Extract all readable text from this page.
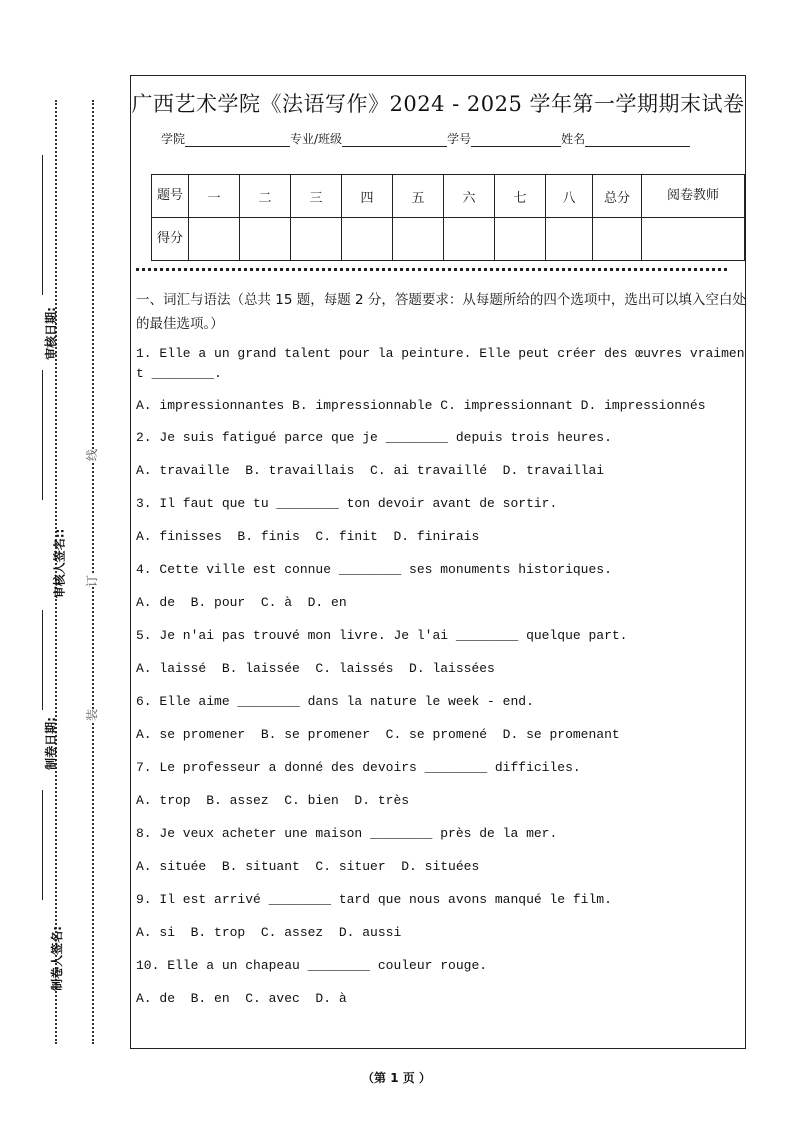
线
订
装
审核日期:
审核人签名::
制卷日期:
制卷人签名:
广西艺术学院《法语写作》2024 - 2025 学年第一学期期末试卷
学院	专业/班级	学号	姓名
题号	一	二	三	四	五	六	七	八	总分	阅卷教师
得分										
一、词汇与语法（总共 15 题，每题 2 分，答题要求：从每题所给的四个选项中，选出可以填入空白处的最佳选项。）
1. Elle a un grand talent pour la peinture. Elle peut créer des œuvres vraiment ________.
A. impressionnantes B. impressionnable C. impressionnant D. impressionnés
2. Je suis fatigué parce que je ________ depuis trois heures.
A. travaille  B. travaillais  C. ai travaillé  D. travaillai
3. Il faut que tu ________ ton devoir avant de sortir.
A. finisses  B. finis  C. finit  D. finirais
4. Cette ville est connue ________ ses monuments historiques.
A. de  B. pour  C. à  D. en
5. Je n'ai pas trouvé mon livre. Je l'ai ________ quelque part.
A. laissé  B. laissée  C. laissés  D. laissées
6. Elle aime ________ dans la nature le week - end.
A. se promener  B. se promener  C. se promené  D. se promenant
7. Le professeur a donné des devoirs ________ difficiles.
A. trop  B. assez  C. bien  D. très
8. Je veux acheter une maison ________ près de la mer.
A. située  B. situant  C. situer  D. situées
9. Il est arrivé ________ tard que nous avons manqué le film.
A. si  B. trop  C. assez  D. aussi
10. Elle a un chapeau ________ couleur rouge.
A. de  B. en  C. avec  D. à
（第 1 页 ）
